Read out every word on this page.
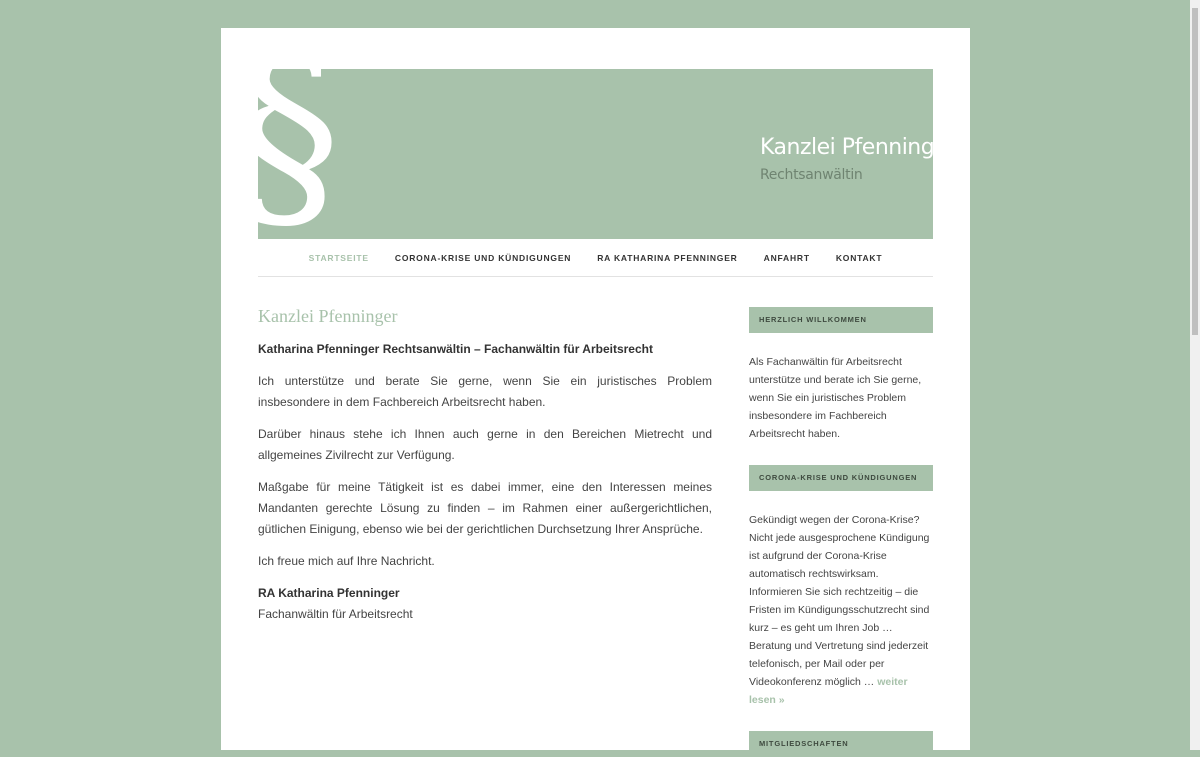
§	Kanzlei Pfenninger
Rechtsanwältin
STARTSEITE	CORONA-KRISE UND KÜNDIGUNGEN	RA KATHARINA PFENNINGER	ANFAHRT	KONTAKT
Kanzlei Pfenninger

Katharina Pfenninger Rechtsanwältin – Fachanwältin für Arbeitsrecht

Ich unterstütze und berate Sie gerne, wenn Sie ein juristisches Problem insbesondere in dem Fachbereich Arbeitsrecht haben.

Darüber hinaus stehe ich Ihnen auch gerne in den Bereichen Mietrecht und allgemeines Zivilrecht zur Verfügung.

Maßgabe für meine Tätigkeit ist es dabei immer, eine den Interessen meines Mandanten gerechte Lösung zu finden – im Rahmen einer außergerichtlichen, gütlichen Einigung, ebenso wie bei der gerichtlichen Durchsetzung Ihrer Ansprüche.

Ich freue mich auf Ihre Nachricht.

RA Katharina Pfenninger
Fachanwältin für Arbeitsrecht

HERZLICH WILLKOMMEN
Als Fachanwältin für Arbeitsrecht unterstütze und berate ich Sie gerne, wenn Sie ein juristisches Problem insbesondere im Fachbereich Arbeitsrecht haben.
CORONA-KRISE UND KÜNDIGUNGEN
Gekündigt wegen der Corona-Krise? Nicht jede ausgesprochene Kündigung ist aufgrund der Corona-Krise automatisch rechtswirksam. Informieren Sie sich rechtzeitig – die Fristen im Kündigungsschutzrecht sind kurz – es geht um Ihren Job … Beratung und Vertretung sind jederzeit telefonisch, per Mail oder per Videokonferenz möglich … weiter lesen »
MITGLIEDSCHAFTEN
